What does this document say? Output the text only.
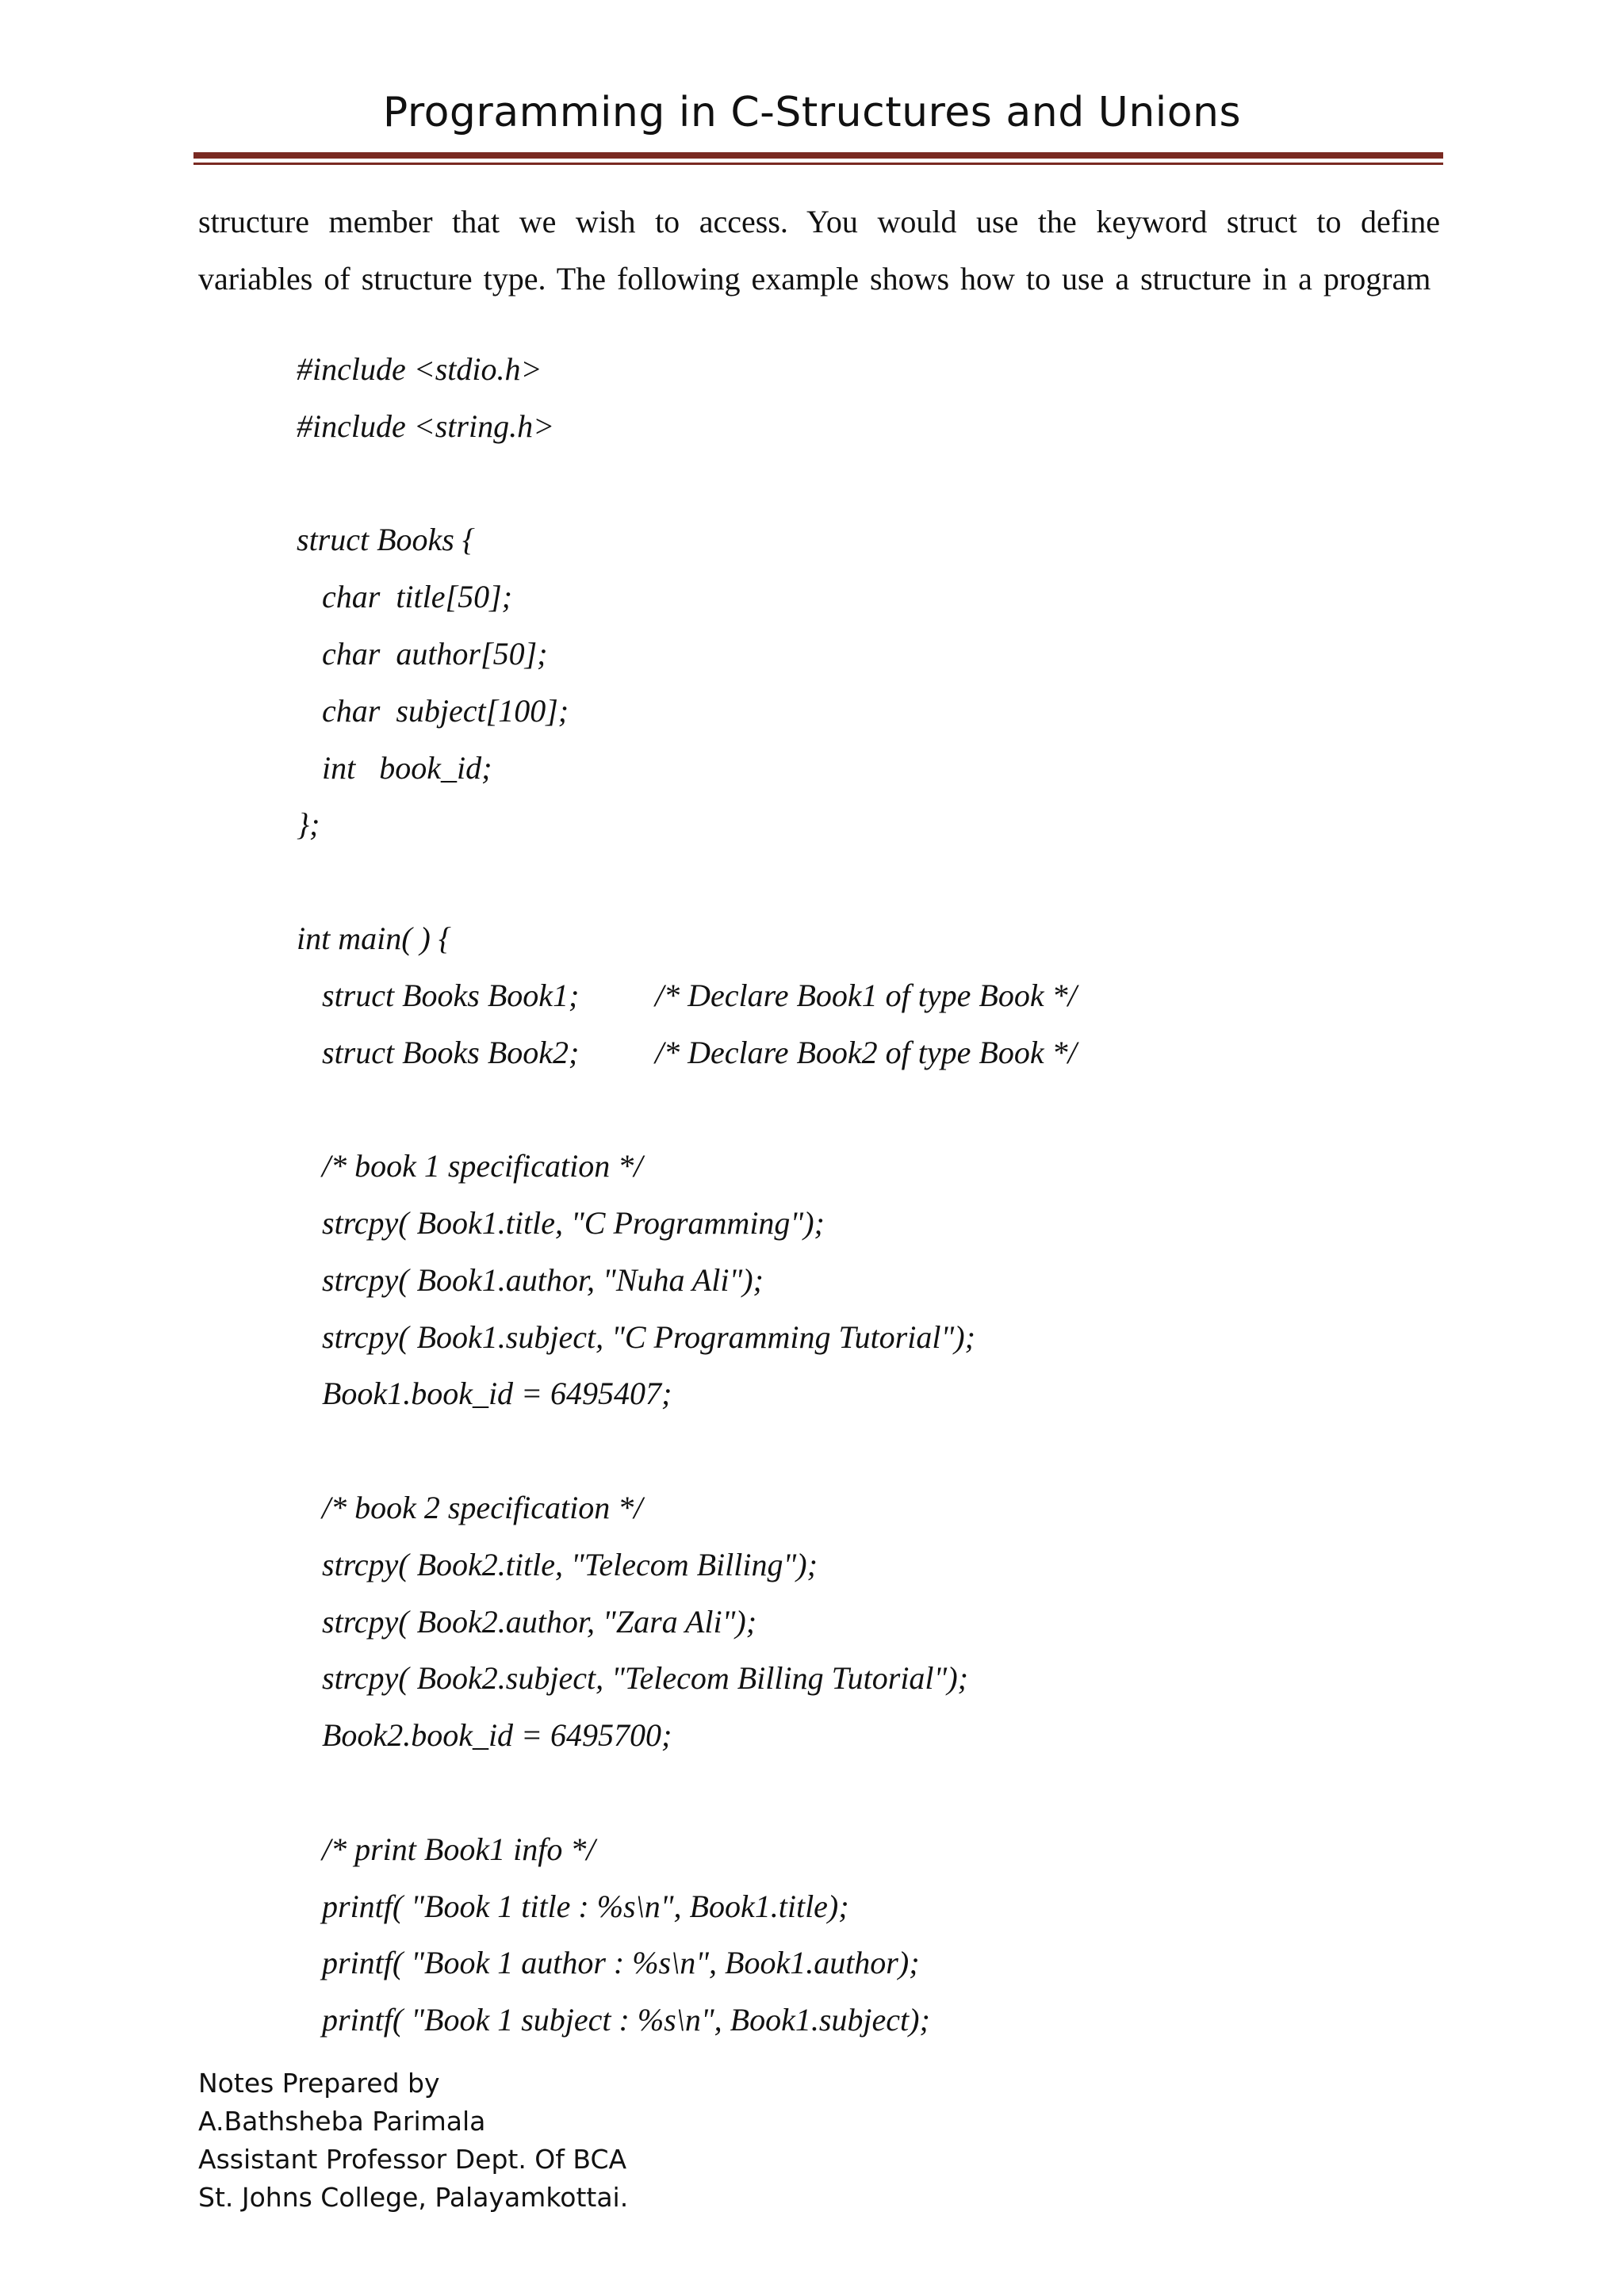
Programming in C-Structures and Unions
structure member that we wish to access. You would use the keyword struct to define
variables of structure type. The following example shows how to use a structure in a program
#include <stdio.h>
#include <string.h>
struct Books {
char  title[50];
char  author[50];
char  subject[100];
int   book_id;
};
int main( ) {
struct Books Book1; /* Declare Book1 of type Book */
struct Books Book2; /* Declare Book2 of type Book */
/* book 1 specification */
strcpy( Book1.title, "C Programming");
strcpy( Book1.author, "Nuha Ali");
strcpy( Book1.subject, "C Programming Tutorial");
Book1.book_id = 6495407;
/* book 2 specification */
strcpy( Book2.title, "Telecom Billing");
strcpy( Book2.author, "Zara Ali");
strcpy( Book2.subject, "Telecom Billing Tutorial");
Book2.book_id = 6495700;
/* print Book1 info */
printf( "Book 1 title : %s\n", Book1.title);
printf( "Book 1 author : %s\n", Book1.author);
printf( "Book 1 subject : %s\n", Book1.subject);
Notes Prepared by
A.Bathsheba Parimala
Assistant Professor Dept. Of BCA
St. Johns College, Palayamkottai.
